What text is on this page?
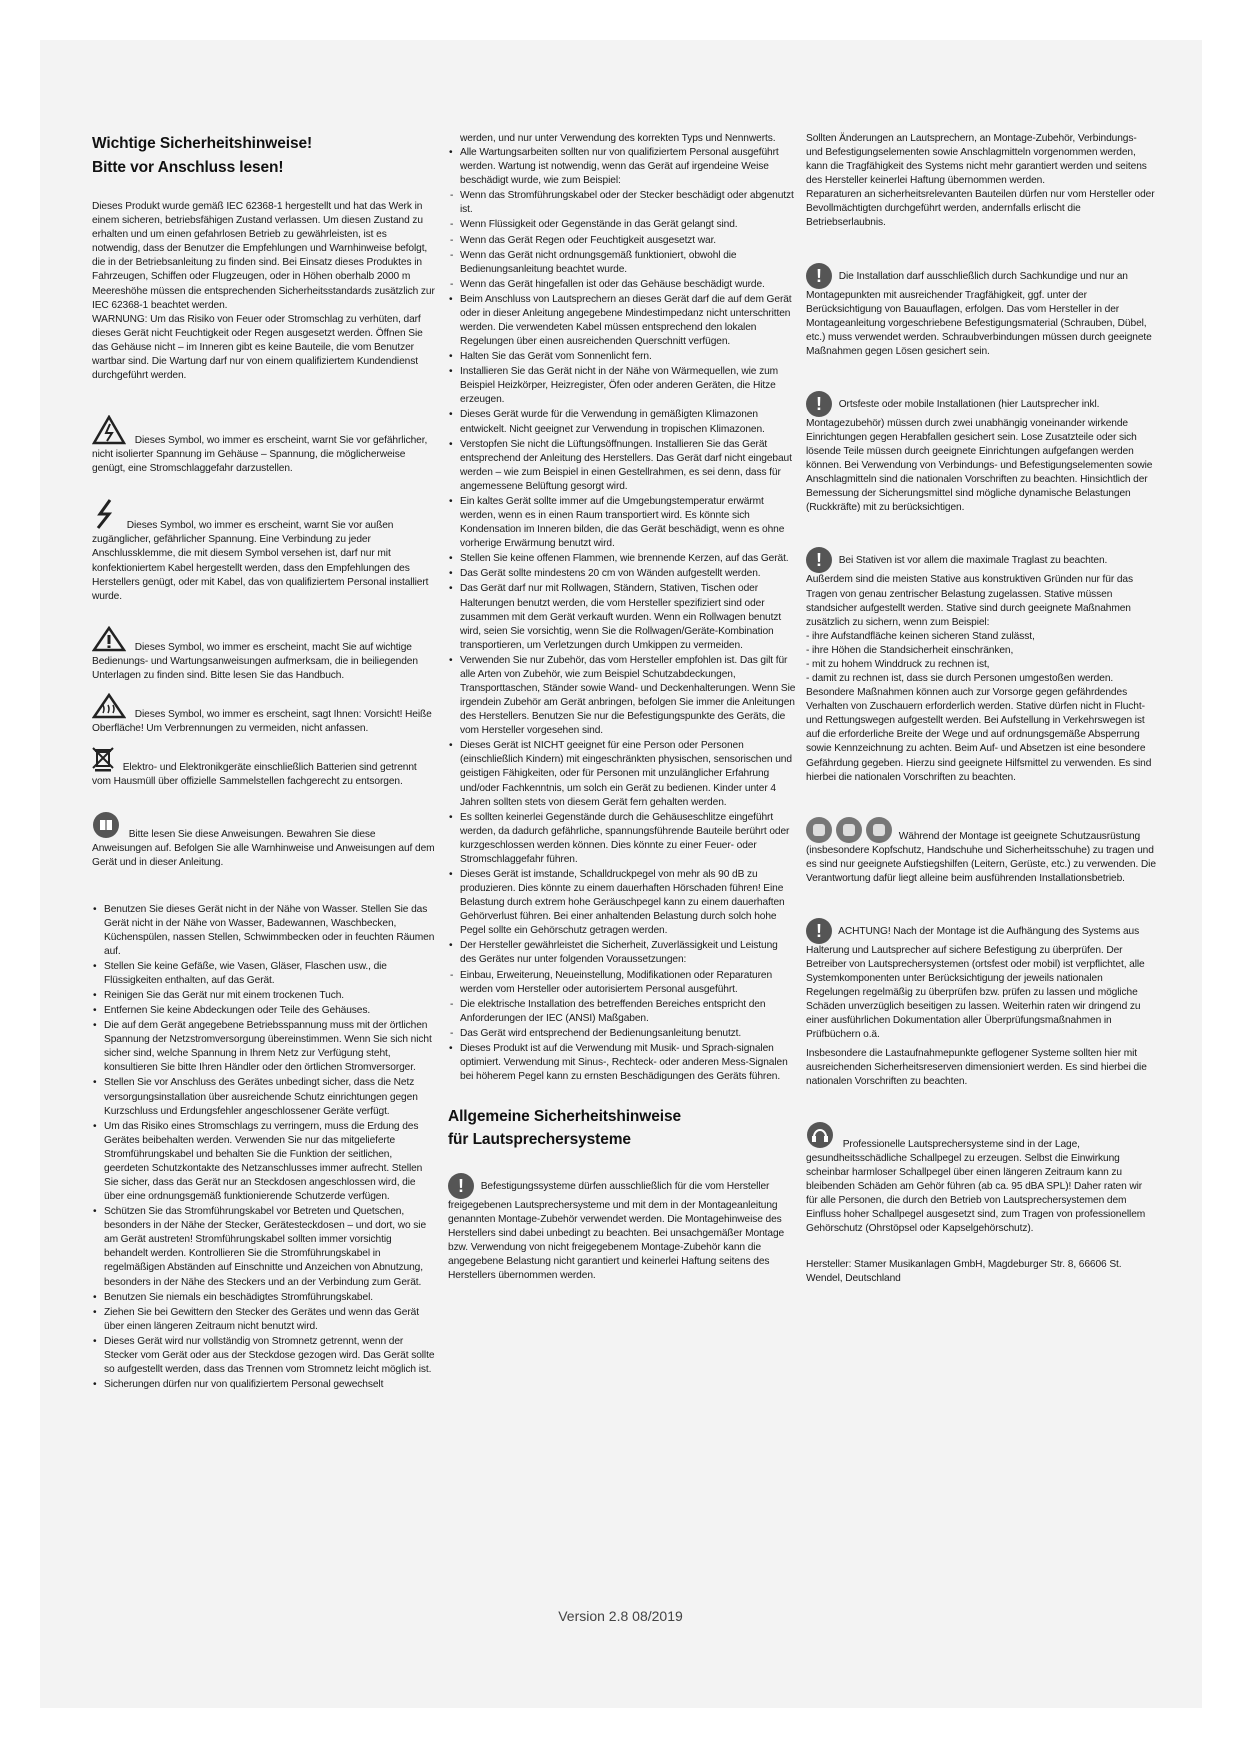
Wichtige Sicherheitshinweise!
Bitte vor Anschluss lesen!

Dieses Produkt wurde gemäß IEC 62368-1 hergestellt und hat das Werk in einem sicheren, betriebsfähigen Zustand verlassen. Um diesen Zustand zu erhalten und um einen gefahrlosen Betrieb zu gewährleisten, ist es notwendig, dass der Benutzer die Empfehlungen und Warnhinweise befolgt, die in der Betriebsanleitung zu finden sind. Bei Einsatz dieses Produktes in Fahrzeugen, Schiffen oder Flugzeugen, oder in Höhen oberhalb 2000 m Meereshöhe müssen die entsprechenden Sicherheitsstandards zusätzlich zur IEC 62368-1 beachtet werden.

WARNUNG: Um das Risiko von Feuer oder Stromschlag zu verhüten, darf dieses Gerät nicht Feuchtigkeit oder Regen ausgesetzt werden. Öffnen Sie das Gehäuse nicht – im Inneren gibt es keine Bauteile, die vom Benutzer wartbar sind. Die Wartung darf nur von einem qualifiziertem Kundendienst durchgeführt werden.

Dieses Symbol, wo immer es erscheint, warnt Sie vor gefährlicher, nicht isolierter Spannung im Gehäuse – Spannung, die möglicherweise genügt, eine Stromschlaggefahr darzustellen.
Dieses Symbol, wo immer es erscheint, warnt Sie vor außen zugänglicher, gefährlicher Spannung. Eine Verbindung zu jeder Anschlussklemme, die mit diesem Symbol versehen ist, darf nur mit konfektioniertem Kabel hergestellt werden, dass den Empfehlungen des Herstellers genügt, oder mit Kabel, das von qualifiziertem Personal installiert wurde.
Dieses Symbol, wo immer es erscheint, macht Sie auf wichtige Bedienungs- und Wartungsanweisungen aufmerksam, die in beiliegenden Unterlagen zu finden sind. Bitte lesen Sie das Handbuch.
Dieses Symbol, wo immer es erscheint, sagt Ihnen: Vorsicht! Heiße Oberfläche! Um Verbrennungen zu vermeiden, nicht anfassen.
Elektro- und Elektronikgeräte einschließlich Batterien sind getrennt vom Hausmüll über offizielle Sammelstellen fachgerecht zu entsorgen.
Bitte lesen Sie diese Anweisungen. Bewahren Sie diese Anweisungen auf. Befolgen Sie alle Warnhinweise und Anweisungen auf dem Gerät und in dieser Anleitung.
• Benutzen Sie dieses Gerät nicht in der Nähe von Wasser. Stellen Sie das Gerät nicht in der Nähe von Wasser, Badewannen, Waschbecken, Küchenspülen, nassen Stellen, Schwimmbecken oder in feuchten Räumen auf.
• Stellen Sie keine Gefäße, wie Vasen, Gläser, Flaschen usw., die Flüssigkeiten enthalten, auf das Gerät.
• Reinigen Sie das Gerät nur mit einem trockenen Tuch.
• Entfernen Sie keine Abdeckungen oder Teile des Gehäuses.
• Die auf dem Gerät angegebene Betriebsspannung muss mit der örtlichen Spannung der Netzstromversorgung übereinstimmen. Wenn Sie sich nicht sicher sind, welche Spannung in Ihrem Netz zur Verfügung steht, konsultieren Sie bitte Ihren Händler oder den örtlichen Stromversorger.
• Stellen Sie vor Anschluss des Gerätes unbedingt sicher, dass die Netz versorgungsinstallation über ausreichende Schutz einrichtungen gegen Kurzschluss und Erdungsfehler angeschlossener Geräte verfügt.
• Um das Risiko eines Stromschlags zu verringern, muss die Erdung des Gerätes beibehalten werden. Verwenden Sie nur das mitgelieferte Stromführungskabel und behalten Sie die Funktion der seitlichen, geerdeten Schutzkontakte des Netzanschlusses immer aufrecht. Stellen Sie sicher, dass das Gerät nur an Steckdosen angeschlossen wird, die über eine ordnungsgemäß funktionierende Schutzerde verfügen.
• Schützen Sie das Stromführungskabel vor Betreten und Quetschen, besonders in der Nähe der Stecker, Gerätesteckdosen – und dort, wo sie am Gerät austreten! Stromführungskabel sollten immer vorsichtig behandelt werden. Kontrollieren Sie die Stromführungskabel in regelmäßigen Abständen auf Einschnitte und Anzeichen von Abnutzung, besonders in der Nähe des Steckers und an der Verbindung zum Gerät.
• Benutzen Sie niemals ein beschädigtes Stromführungskabel.
• Ziehen Sie bei Gewittern den Stecker des Gerätes und wenn das Gerät über einen längeren Zeitraum nicht benutzt wird.
• Dieses Gerät wird nur vollständig von Stromnetz getrennt, wenn der Stecker vom Gerät oder aus der Steckdose gezogen wird. Das Gerät sollte so aufgestellt werden, dass das Trennen vom Stromnetz leicht möglich ist.
• Sicherungen dürfen nur von qualifiziertem Personal gewechselt
werden, und nur unter Verwendung des korrekten Typs und Nennwerts.
• Alle Wartungsarbeiten sollten nur von qualifiziertem Personal ausgeführt werden. Wartung ist notwendig, wenn das Gerät auf irgendeine Weise beschädigt wurde, wie zum Beispiel:
- Wenn das Stromführungskabel oder der Stecker beschädigt oder abgenutzt ist.
- Wenn Flüssigkeit oder Gegenstände in das Gerät gelangt sind.
- Wenn das Gerät Regen oder Feuchtigkeit ausgesetzt war.
- Wenn das Gerät nicht ordnungsgemäß funktioniert, obwohl die Bedienungsanleitung beachtet wurde.
- Wenn das Gerät hingefallen ist oder das Gehäuse beschädigt wurde.
• Beim Anschluss von Lautsprechern an dieses Gerät darf die auf dem Gerät oder in dieser Anleitung angegebene Mindestimpedanz nicht unterschritten werden. Die verwendeten Kabel müssen entsprechend den lokalen Regelungen über einen ausreichenden Querschnitt verfügen.
• Halten Sie das Gerät vom Sonnenlicht fern.
• Installieren Sie das Gerät nicht in der Nähe von Wärmequellen, wie zum Beispiel Heizkörper, Heizregister, Öfen oder anderen Geräten, die Hitze erzeugen.
• Dieses Gerät wurde für die Verwendung in gemäßigten Klimazonen entwickelt. Nicht geeignet zur Verwendung in tropischen Klimazonen.
• Verstopfen Sie nicht die Lüftungsöffnungen. Installieren Sie das Gerät entsprechend der Anleitung des Herstellers. Das Gerät darf nicht eingebaut werden – wie zum Beispiel in einen Gestellrahmen, es sei denn, dass für angemessene Belüftung gesorgt wird.
• Ein kaltes Gerät sollte immer auf die Umgebungstemperatur erwärmt werden, wenn es in einen Raum transportiert wird. Es könnte sich Kondensation im Inneren bilden, die das Gerät beschädigt, wenn es ohne vorherige Erwärmung benutzt wird.
• Stellen Sie keine offenen Flammen, wie brennende Kerzen, auf das Gerät.
• Das Gerät sollte mindestens 20 cm von Wänden aufgestellt werden.
• Das Gerät darf nur mit Rollwagen, Ständern, Stativen, Tischen oder Halterungen benutzt werden, die vom Hersteller spezifiziert sind oder zusammen mit dem Gerät verkauft wurden. Wenn ein Rollwagen benutzt wird, seien Sie vorsichtig, wenn Sie die Rollwagen/Geräte-Kombination transportieren, um Verletzungen durch Umkippen zu vermeiden.
• Verwenden Sie nur Zubehör, das vom Hersteller empfohlen ist. Das gilt für alle Arten von Zubehör, wie zum Beispiel Schutzabdeckungen, Transporttaschen, Ständer sowie Wand- und Deckenhalterungen. Wenn Sie irgendein Zubehör am Gerät anbringen, befolgen Sie immer die Anleitungen des Herstellers. Benutzen Sie nur die Befestigungspunkte des Geräts, die vom Hersteller vorgesehen sind.
• Dieses Gerät ist NICHT geeignet für eine Person oder Personen (einschließlich Kindern) mit eingeschränkten physischen, sensorischen und geistigen Fähigkeiten, oder für Personen mit unzulänglicher Erfahrung und/oder Fachkenntnis, um solch ein Gerät zu bedienen. Kinder unter 4 Jahren sollten stets von diesem Gerät fern gehalten werden.
• Es sollten keinerlei Gegenstände durch die Gehäuseschlitze eingeführt werden, da dadurch gefährliche, spannungsführende Bauteile berührt oder kurzgeschlossen werden können. Dies könnte zu einer Feuer- oder Stromschlaggefahr führen.
• Dieses Gerät ist imstande, Schalldruckpegel von mehr als 90 dB zu produzieren. Dies könnte zu einem dauerhaften Hörschaden führen! Eine Belastung durch extrem hohe Geräuschpegel kann zu einem dauerhaften Gehörverlust führen. Bei einer anhaltenden Belastung durch solch hohe Pegel sollte ein Gehörschutz getragen werden.
• Der Hersteller gewährleistet die Sicherheit, Zuverlässigkeit und Leistung des Gerätes nur unter folgenden Voraussetzungen:
- Einbau, Erweiterung, Neueinstellung, Modifikationen oder Reparaturen werden vom Hersteller oder autorisiertem Personal ausgeführt.
- Die elektrische Installation des betreffenden Bereiches entspricht den Anforderungen der IEC (ANSI) Maßgaben.
- Das Gerät wird entsprechend der Bedienungsanleitung benutzt.
• Dieses Produkt ist auf die Verwendung mit Musik- und Sprach-signalen optimiert. Verwendung mit Sinus-, Rechteck- oder anderen Mess-Signalen bei höherem Pegel kann zu ernsten Beschädigungen des Geräts führen.
Allgemeine Sicherheitshinweise
für Lautsprechersysteme
! Befestigungssysteme dürfen ausschließlich für die vom Hersteller freigegebenen Lautsprechersysteme und mit dem in der Montageanleitung genannten Montage-Zubehör verwendet werden. Die Montagehinweise des Herstellers sind dabei unbedingt zu beachten. Bei unsachgemäßer Montage bzw. Verwendung von nicht freigegebenem Montage-Zubehör kann die angegebene Belastung nicht garantiert und keinerlei Haftung seitens des Herstellers übernommen werden.

Sollten Änderungen an Lautsprechern, an Montage-Zubehör, Verbindungs- und Befestigungselementen sowie Anschlagmitteln vorgenommen werden, kann die Tragfähigkeit des Systems nicht mehr garantiert werden und seitens des Hersteller keinerlei Haftung übernommen werden.

Reparaturen an sicherheitsrelevanten Bauteilen dürfen nur vom Hersteller oder Bevollmächtigten durchgeführt werden, andernfalls erlischt die Betriebserlaubnis.

! Die Installation darf ausschließlich durch Sachkundige und nur an Montagepunkten mit ausreichender Tragfähigkeit, ggf. unter der Berücksichtigung von Bauauflagen, erfolgen. Das vom Hersteller in der Montageanleitung vorgeschriebene Befestigungsmaterial (Schrauben, Dübel, etc.) muss verwendet werden. Schraubverbindungen müssen durch geeignete Maßnahmen gegen Lösen gesichert sein.
! Ortsfeste oder mobile Installationen (hier Lautsprecher inkl. Montagezubehör) müssen durch zwei unabhängig voneinander wirkende Einrichtungen gegen Herabfallen gesichert sein. Lose Zusatzteile oder sich lösende Teile müssen durch geeignete Einrichtungen aufgefangen werden können. Bei Verwendung von Verbindungs- und Befestigungselementen sowie Anschlagmitteln sind die nationalen Vorschriften zu beachten. Hinsichtlich der Bemessung der Sicherungsmittel sind mögliche dynamische Belastungen (Ruckkräfte) mit zu berücksichtigen.
! Bei Stativen ist vor allem die maximale Traglast zu beachten. Außerdem sind die meisten Stative aus konstruktiven Gründen nur für das Tragen von genau zentrischer Belastung zugelassen. Stative müssen standsicher aufgestellt werden. Stative sind durch geeignete Maßnahmen zusätzlich zu sichern, wenn zum Beispiel:
- ihre Aufstandfläche keinen sicheren Stand zulässt,
- ihre Höhen die Standsicherheit einschränken,
- mit zu hohem Winddruck zu rechnen ist,
- damit zu rechnen ist, dass sie durch Personen umgestoßen werden.

Besondere Maßnahmen können auch zur Vorsorge gegen gefährdendes Verhalten von Zuschauern erforderlich werden. Stative dürfen nicht in Flucht- und Rettungswegen aufgestellt werden. Bei Aufstellung in Verkehrswegen ist auf die erforderliche Breite der Wege und auf ordnungsgemäße Absperrung sowie Kennzeichnung zu achten. Beim Auf- und Absetzen ist eine besondere Gefährdung gegeben. Hierzu sind geeignete Hilfsmittel zu verwenden. Es sind hierbei die nationalen Vorschriften zu beachten.

Während der Montage ist geeignete Schutzausrüstung (insbesondere Kopfschutz, Handschuhe und Sicherheitsschuhe) zu tragen und es sind nur geeignete Aufstiegshilfen (Leitern, Gerüste, etc.) zu verwenden. Die Verantwortung dafür liegt alleine beim ausführenden Installationsbetrieb.
! ACHTUNG! Nach der Montage ist die Aufhängung des Systems aus Halterung und Lautsprecher auf sichere Befestigung zu überprüfen. Der Betreiber von Lautsprechersystemen (ortsfest oder mobil) ist verpflichtet, alle Systemkomponenten unter Berücksichtigung der jeweils nationalen Regelungen regelmäßig zu überprüfen bzw. prüfen zu lassen und mögliche Schäden unverzüglich beseitigen zu lassen. Weiterhin raten wir dringend zu einer ausführlichen Dokumentation aller Überprüfungsmaßnahmen in Prüfbüchern o.ä.

Insbesondere die Lastaufnahmepunkte geflogener Systeme sollten hier mit ausreichenden Sicherheitsreserven dimensioniert werden. Es sind hierbei die nationalen Vorschriften zu beachten.

Professionelle Lautsprechersysteme sind in der Lage, gesundheitsschädliche Schallpegel zu erzeugen. Selbst die Einwirkung scheinbar harmloser Schallpegel über einen längeren Zeitraum kann zu bleibenden Schäden am Gehör führen (ab ca. 95 dBA SPL)! Daher raten wir für alle Personen, die durch den Betrieb von Lautsprechersystemen dem Einfluss hoher Schallpegel ausgesetzt sind, zum Tragen von professionellem Gehörschutz (Ohrstöpsel oder Kapselgehörschutz).

Hersteller: Stamer Musikanlagen GmbH, Magdeburger Str. 8, 66606 St. Wendel, Deutschland

Version 2.8 08/2019
